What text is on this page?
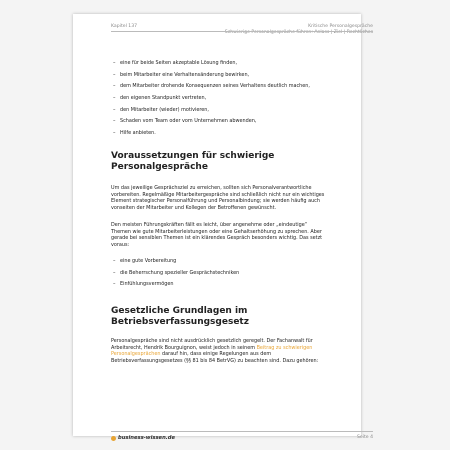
Kapitel 137	Kritische Personalgespräche
Schwierige Personalgespräche führen: Anlass | Ziel | Rechtliches
– eine für beide Seiten akzeptable Lösung finden,
– beim Mitarbeiter eine Verhaltensänderung bewirken,
– dem Mitarbeiter drohende Konsequenzen seines Verhaltens deutlich machen,
– den eigenen Standpunkt vertreten,
– den Mitarbeiter (wieder) motivieren,
– Schaden vom Team oder vom Unternehmen abwenden,
– Hilfe anbieten.
Voraussetzungen für schwierige
Personalgespräche

Um das jeweilige Gesprächsziel zu erreichen, sollten sich Personalverantwortliche
vorbereiten. Regelmäßige Mitarbeitergespräche sind schließlich nicht nur ein wichtiges
Element strategischer Personalführung und Personalbindung; sie werden häufig auch
vonseiten der Mitarbeiter und Kollegen der Betroffenen gewünscht.

Den meisten Führungskräften fällt es leicht, über angenehme oder „eindeutige“
Themen wie gute Mitarbeiterleistungen oder eine Gehaltserhöhung zu sprechen. Aber
gerade bei sensiblen Themen ist ein klärendes Gespräch besonders wichtig. Das setzt
voraus:

– eine gute Vorbereitung
– die Beherrschung spezieller Gesprächstechniken
– Einfühlungsvermögen
Gesetzliche Grundlagen im
Betriebsverfassungsgesetz

Personalgespräche sind nicht ausdrücklich gesetzlich geregelt. Der Fachanwalt für
Arbeitsrecht, Hendrik Bourguignon, weist jedoch in seinem Beitrag zu schwierigen
Personalgesprächen darauf hin, dass einige Regelungen aus dem
Betriebsverfassungsgesetzes (§§ 81 bis 84 BetrVG) zu beachten sind. Dazu gehören:

business-wissen.de	Seite 4
